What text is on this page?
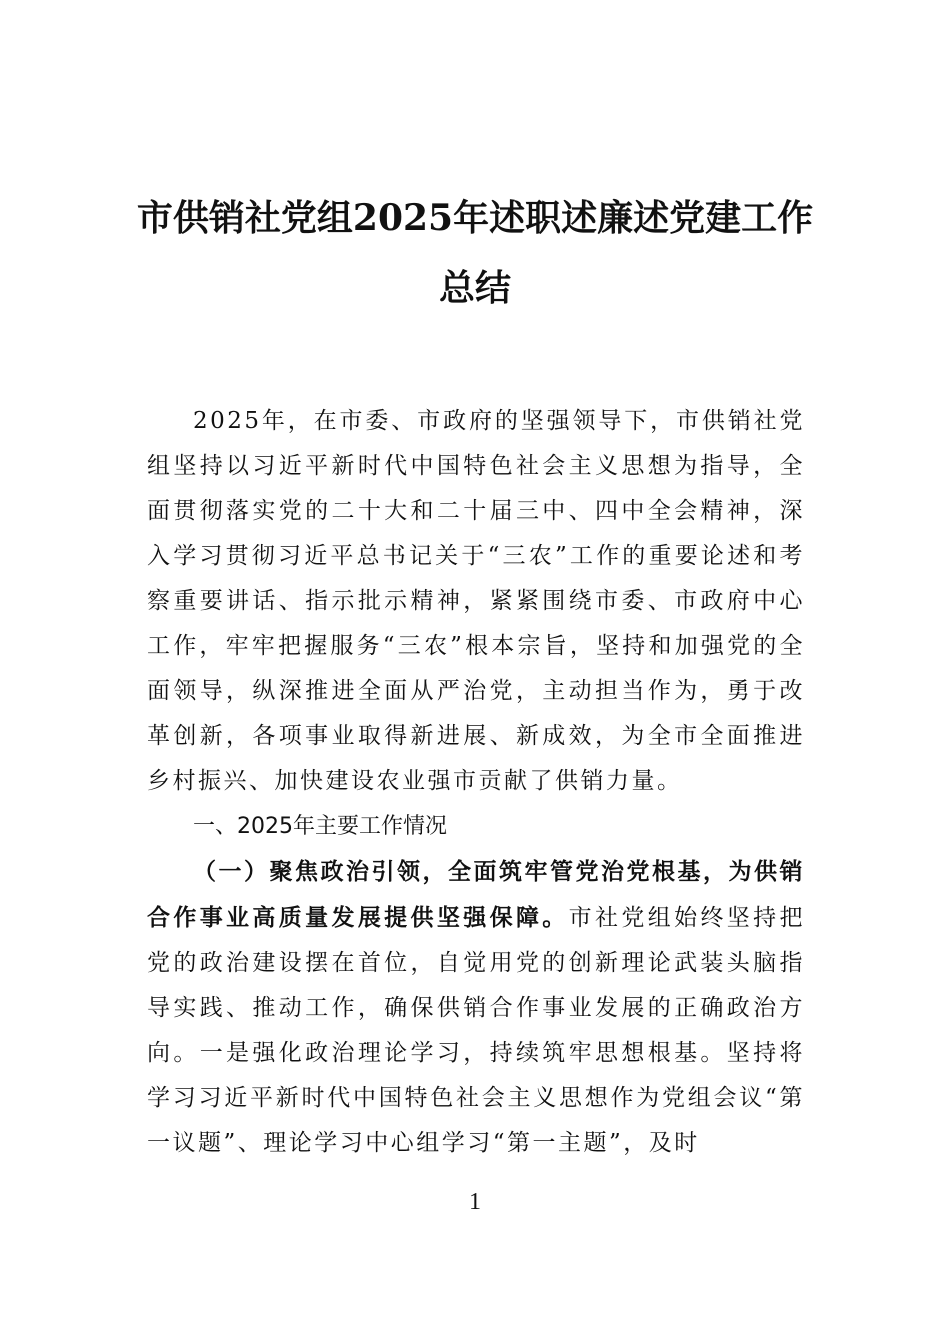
市供销社党组2025年述职述廉述党建工作
总结

2025年，在市委、市政府的坚强领导下，市供销社党组坚持以习近平新时代中国特色社会主义思想为指导，全面贯彻落实党的二十大和二十届三中、四中全会精神，深入学习贯彻习近平总书记关于“三农”工作的重要论述和考察重要讲话、指示批示精神，紧紧围绕市委、市政府中心工作，牢牢把握服务“三农”根本宗旨，坚持和加强党的全面领导，纵深推进全面从严治党，主动担当作为，勇于改革创新，各项事业取得新进展、新成效，为全市全面推进乡村振兴、加快建设农业强市贡献了供销力量。

一、2025年主要工作情况

（一）聚焦政治引领，全面筑牢管党治党根基，为供销合作事业高质量发展提供坚强保障。市社党组始终坚持把党的政治建设摆在首位，自觉用党的创新理论武装头脑指导实践、推动工作，确保供销合作事业发展的正确政治方向。一是强化政治理论学习，持续筑牢思想根基。坚持将学习习近平新时代中国特色社会主义思想作为党组会议“第一议题”、理论学习中心组学习“第一主题”，及时

1
